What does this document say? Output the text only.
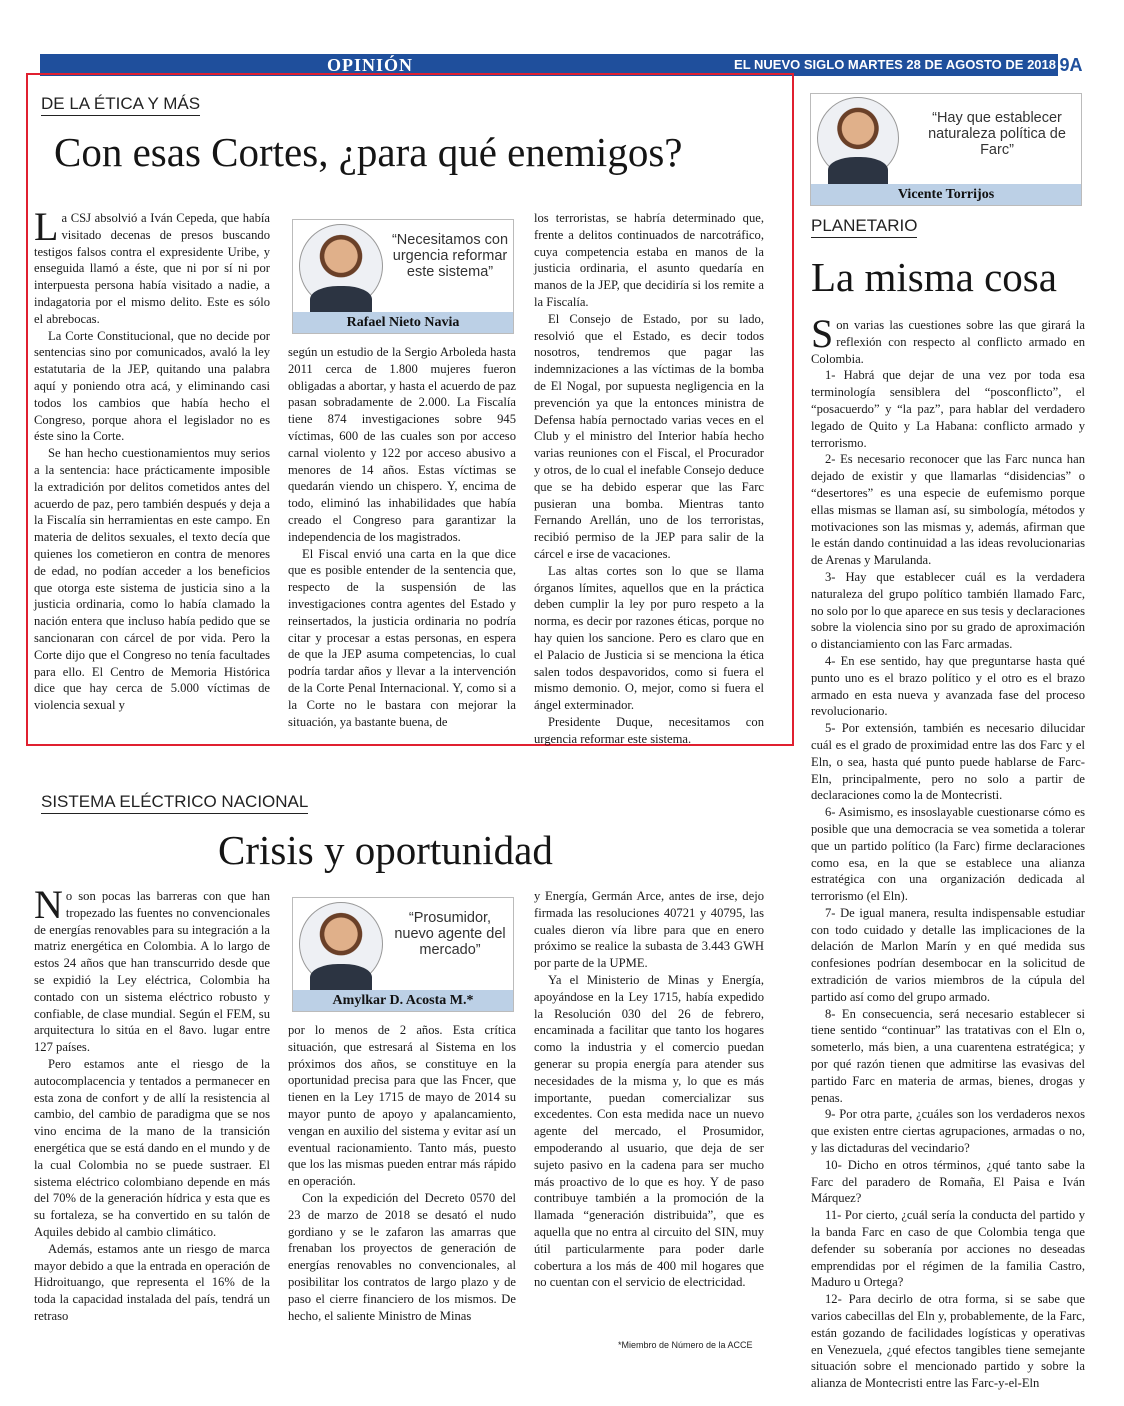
OPINIÓN	EL NUEVO SIGLO MARTES 28 DE AGOSTO DE 2018 9A
DE LA ÉTICA Y MÁS
Con esas Cortes, ¿para qué enemigos?

La CSJ absolvió a Iván Cepeda, que había visitado decenas de presos buscando testigos falsos contra el expresidente Uribe, y enseguida llamó a éste, que ni por sí ni por interpuesta persona había visitado a nadie, a indagatoria por el mismo delito. Este es sólo el abrebocas.

La Corte Constitucional, que no decide por sentencias sino por comunicados, avaló la ley estatutaria de la JEP, quitando una palabra aquí y poniendo otra acá, y eliminando casi todos los cambios que había hecho el Congreso, porque ahora el legislador no es éste sino la Corte.

Se han hecho cuestionamientos muy serios a la sentencia: hace prácticamente imposible la extradición por delitos cometidos antes del acuerdo de paz, pero también después y deja a la Fiscalía sin herramientas en este campo. En materia de delitos sexuales, el texto decía que quienes los cometieron en contra de menores de edad, no podían acceder a los beneficios que otorga este sistema de justicia sino a la justicia ordinaria, como lo había clamado la nación entera que incluso había pedido que se sancionaran con cárcel de por vida. Pero la Corte dijo que el Congreso no tenía facultades para ello. El Centro de Memoria Histórica dice que hay cerca de 5.000 víctimas de violencia sexual y

“Necesitamos con urgencia reformar este sistema”
Rafael Nieto Navia

según un estudio de la Sergio Arboleda hasta 2011 cerca de 1.800 mujeres fueron obligadas a abortar, y hasta el acuerdo de paz pasan sobradamente de 2.000. La Fiscalía tiene 874 investigaciones sobre 945 víctimas, 600 de las cuales son por acceso carnal violento y 122 por acceso abusivo a menores de 14 años. Estas víctimas se quedarán viendo un chispero. Y, encima de todo, eliminó las inhabilidades que había creado el Congreso para garantizar la independencia de los magistrados.

El Fiscal envió una carta en la que dice que es posible entender de la sentencia que, respecto de la suspensión de las investigaciones contra agentes del Estado y reinsertados, la justicia ordinaria no podría citar y procesar a estas personas, en espera de que la JEP asuma competencias, lo cual podría tardar años y llevar a la intervención de la Corte Penal Internacional. Y, como si a la Corte no le bastara con mejorar la situación, ya bastante buena, de

los terroristas, se habría determinado que, frente a delitos continuados de narcotráfico, cuya competencia estaba en manos de la justicia ordinaria, el asunto quedaría en manos de la JEP, que decidiría si los remite a la Fiscalía.

El Consejo de Estado, por su lado, resolvió que el Estado, es decir todos nosotros, tendremos que pagar las indemnizaciones a las víctimas de la bomba de El Nogal, por supuesta negligencia en la prevención ya que la entonces ministra de Defensa había pernoctado varias veces en el Club y el ministro del Interior había hecho varias reuniones con el Fiscal, el Procurador y otros, de lo cual el inefable Consejo deduce que se ha debido esperar que las Farc pusieran una bomba. Mientras tanto Fernando Arellán, uno de los terroristas, recibió permiso de la JEP para salir de la cárcel e irse de vacaciones.

Las altas cortes son lo que se llama órganos límites, aquellos que en la práctica deben cumplir la ley por puro respeto a la norma, es decir por razones éticas, porque no hay quien los sancione. Pero es claro que en el Palacio de Justicia si se menciona la ética salen todos despavoridos, como si fuera el mismo demonio. O, mejor, como si fuera el ángel exterminador.

Presidente Duque, necesitamos con urgencia reformar este sistema.

SISTEMA ELÉCTRICO NACIONAL
Crisis y oportunidad

No son pocas las barreras con que han tropezado las fuentes no convencionales de energías renovables para su integración a la matriz energética en Colombia. A lo largo de estos 24 años que han transcurrido desde que se expidió la Ley eléctrica, Colombia ha contado con un sistema eléctrico robusto y confiable, de clase mundial. Según el FEM, su arquitectura lo sitúa en el 8avo. lugar entre 127 países.

Pero estamos ante el riesgo de la autocomplacencia y tentados a permanecer en esta zona de confort y de allí la resistencia al cambio, del cambio de paradigma que se nos vino encima de la mano de la transición energética que se está dando en el mundo y de la cual Colombia no se puede sustraer. El sistema eléctrico colombiano depende en más del 70% de la generación hídrica y esta que es su fortaleza, se ha convertido en su talón de Aquiles debido al cambio climático.

Además, estamos ante un riesgo de marca mayor debido a que la entrada en operación de Hidroituango, que representa el 16% de la toda la capacidad instalada del país, tendrá un retraso

“Prosumidor, nuevo agente del mercado”
Amylkar D. Acosta M.*

por lo menos de 2 años. Esta crítica situación, que estresará al Sistema en los próximos dos años, se constituye en la oportunidad precisa para que las Fncer, que tienen en la Ley 1715 de mayo de 2014 su mayor punto de apoyo y apalancamiento, vengan en auxilio del sistema y evitar así un eventual racionamiento. Tanto más, puesto que los las mismas pueden entrar más rápido en operación.

Con la expedición del Decreto 0570 del 23 de marzo de 2018 se desató el nudo gordiano y se le zafaron las amarras que frenaban los proyectos de generación de energías renovables no convencionales, al posibilitar los contratos de largo plazo y de paso el cierre financiero de los mismos. De hecho, el saliente Ministro de Minas

y Energía, Germán Arce, antes de irse, dejo firmada las resoluciones 40721 y 40795, las cuales dieron vía libre para que en enero próximo se realice la subasta de 3.443 GWH por parte de la UPME.

Ya el Ministerio de Minas y Energía, apoyándose en la Ley 1715, había expedido la Resolución 030 del 26 de febrero, encaminada a facilitar que tanto los hogares como la industria y el comercio puedan generar su propia energía para atender sus necesidades de la misma y, lo que es más importante, puedan comercializar sus excedentes. Con esta medida nace un nuevo agente del mercado, el Prosumidor, empoderando al usuario, que deja de ser sujeto pasivo en la cadena para ser mucho más proactivo de lo que es hoy. Y de paso contribuye también a la promoción de la llamada “generación distribuida”, que es aquella que no entra al circuito del SIN, muy útil particularmente para poder darle cobertura a los más de 400 mil hogares que no cuentan con el servicio de electricidad.

*Miembro de Número de la ACCE
“Hay que establecer naturaleza política de Farc”
Vicente Torrijos
PLANETARIO
La misma cosa

Son varias las cuestiones sobre las que girará la reflexión con respecto al conflicto armado en Colombia.

1- Habrá que dejar de una vez por toda esa terminología sensiblera del “posconflicto”, el “posacuerdo” y “la paz”, para hablar del verdadero legado de Quito y La Habana: conflicto armado y terrorismo.

2- Es necesario reconocer que las Farc nunca han dejado de existir y que llamarlas “disidencias” o “desertores” es una especie de eufemismo porque ellas mismas se llaman así, su simbología, métodos y motivaciones son las mismas y, además, afirman que le están dando continuidad a las ideas revolucionarias de Arenas y Marulanda.

3- Hay que establecer cuál es la verdadera naturaleza del grupo político también llamado Farc, no solo por lo que aparece en sus tesis y declaraciones sobre la violencia sino por su grado de aproximación o distanciamiento con las Farc armadas.

4- En ese sentido, hay que preguntarse hasta qué punto uno es el brazo político y el otro es el brazo armado en esta nueva y avanzada fase del proceso revolucionario.

5- Por extensión, también es necesario dilucidar cuál es el grado de proximidad entre las dos Farc y el Eln, o sea, hasta qué punto puede hablarse de Farc-Eln, principalmente, pero no solo a partir de declaraciones como la de Montecristi.

6- Asimismo, es insoslayable cuestionarse cómo es posible que una democracia se vea sometida a tolerar que un partido político (la Farc) firme declaraciones como esa, en la que se establece una alianza estratégica con una organización dedicada al terrorismo (el Eln).

7- De igual manera, resulta indispensable estudiar con todo cuidado y detalle las implicaciones de la delación de Marlon Marín y en qué medida sus confesiones podrían desembocar en la solicitud de extradición de varios miembros de la cúpula del partido así como del grupo armado.

8- En consecuencia, será necesario establecer si tiene sentido “continuar” las tratativas con el Eln o, someterlo, más bien, a una cuarentena estratégica; y por qué razón tienen que admitirse las evasivas del partido Farc en materia de armas, bienes, drogas y penas.

9- Por otra parte, ¿cuáles son los verdaderos nexos que existen entre ciertas agrupaciones, armadas o no, y las dictaduras del vecindario?

10- Dicho en otros términos, ¿qué tanto sabe la Farc del paradero de Romaña, El Paisa e Iván Márquez?

11- Por cierto, ¿cuál sería la conducta del partido y la banda Farc en caso de que Colombia tenga que defender su soberanía por acciones no deseadas emprendidas por el régimen de la familia Castro, Maduro u Ortega?

12- Para decirlo de otra forma, si se sabe que varios cabecillas del Eln y, probablemente, de la Farc, están gozando de facilidades logísticas y operativas en Venezuela, ¿qué efectos tangibles tiene semejante situación sobre el mencionado partido y sobre la alianza de Montecristi entre las Farc-y-el-Eln
